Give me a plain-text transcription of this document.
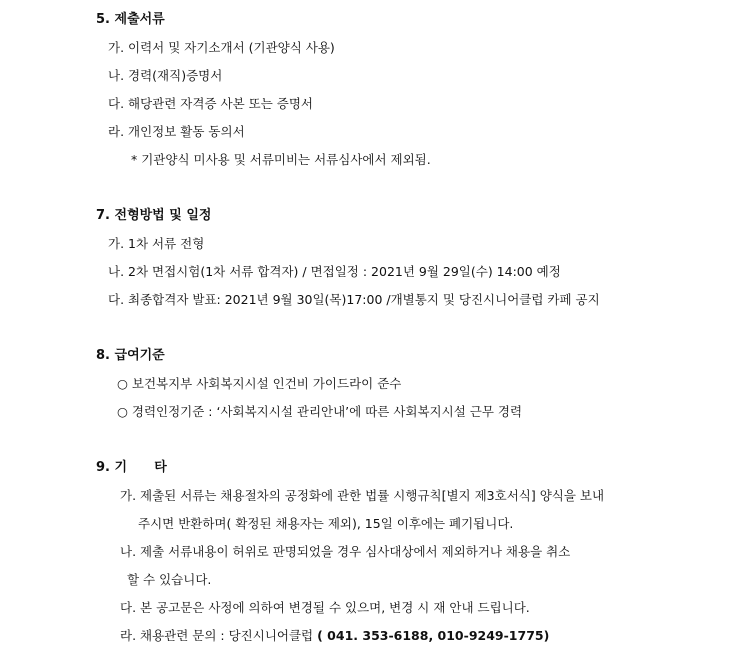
5. 제출서류
가. 이력서 및 자기소개서 (기관양식 사용)
나. 경력(재직)증명서
다. 해당관련 자격증 사본 또는 증명서
라. 개인정보 활동 동의서
* 기관양식 미사용 및 서류미비는 서류심사에서 제외됨.
7. 전형방법 및 일정
가. 1차 서류 전형
나. 2차 면접시험(1차 서류 합격자) / 면접일정 : 2021년 9월 29일(수) 14:00 예정
다. 최종합격자 발표: 2021년 9월 30일(목)17:00 /개별통지 및 당진시니어클럽 카페 공지
8. 급여기준
○ 보건복지부 사회복지시설 인건비 가이드라이 준수
○ 경력인정기준 : ‘사회복지시설 관리안내’에 따른 사회복지시설 근무 경력
9. 기      타
가. 제출된 서류는 채용절차의 공정화에 관한 법률 시행규칙[별지 제3호서식] 양식을 보내
주시면 반환하며( 확정된 채용자는 제외), 15일 이후에는 폐기됩니다.
나. 제출 서류내용이 허위로 판명되었을 경우 심사대상에서 제외하거나 채용을 취소
할 수 있습니다.
다. 본 공고문은 사정에 의하여 변경될 수 있으며, 변경 시 재 안내 드립니다.
라. 채용관련 문의 : 당진시니어클럽 ( 041. 353-6188, 010-9249-1775)
